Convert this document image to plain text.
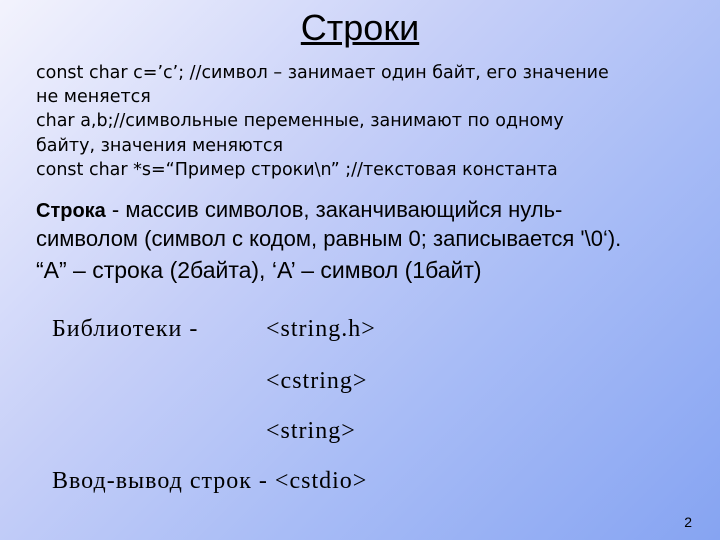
Строки
const char c=’c’; //символ – занимает один байт, его значение
не меняется
char a,b;//символьные переменные, занимают по одному
байту, значения меняются
const char *s=“Пример строки\n” ;//текстовая константа
Строка - массив символов, заканчивающийся нуль-
символом (символ с кодом, равным 0; записывается '\0‘).
“A” – строка (2байта), ‘A’ – символ (1байт)
Библиотеки -	<string.h>
<cstring>
<string>
Ввод-вывод строк - <cstdio>
2
